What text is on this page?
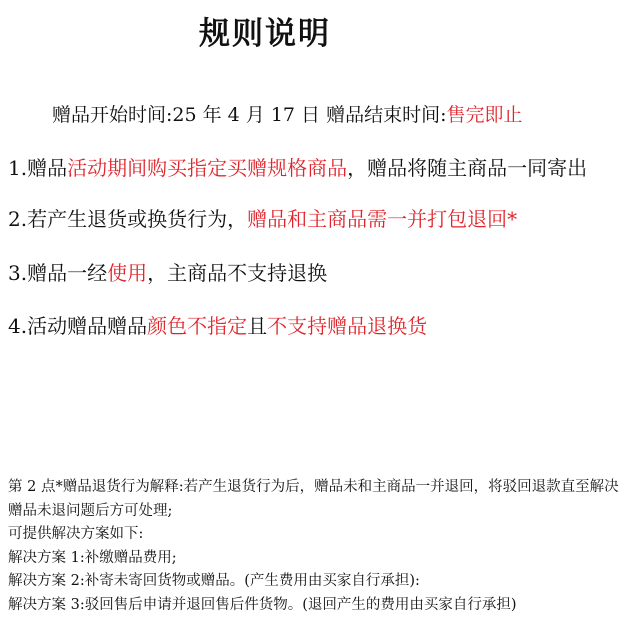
规则说明
赠品开始时间:25 年 4 月 17 日 赠品结束时间:售完即止
1.赠品活动期间购买指定买赠规格商品，赠品将随主商品一同寄出
2.若产生退货或换货行为，赠品和主商品需一并打包退回*
3.赠品一经使用，主商品不支持退换
4.活动赠品赠品颜色不指定且不支持赠品退换货
第 2 点*赠品退货行为解释:若产生退货行为后，赠品未和主商品一并退回，将驳回退款直至解决赠品未退问题后方可处理;
可提供解决方案如下:
解决方案 1:补缴赠品费用;
解决方案 2:补寄未寄回货物或赠品。(产生费用由买家自行承担):
解决方案 3:驳回售后申请并退回售后件货物。(退回产生的费用由买家自行承担)
